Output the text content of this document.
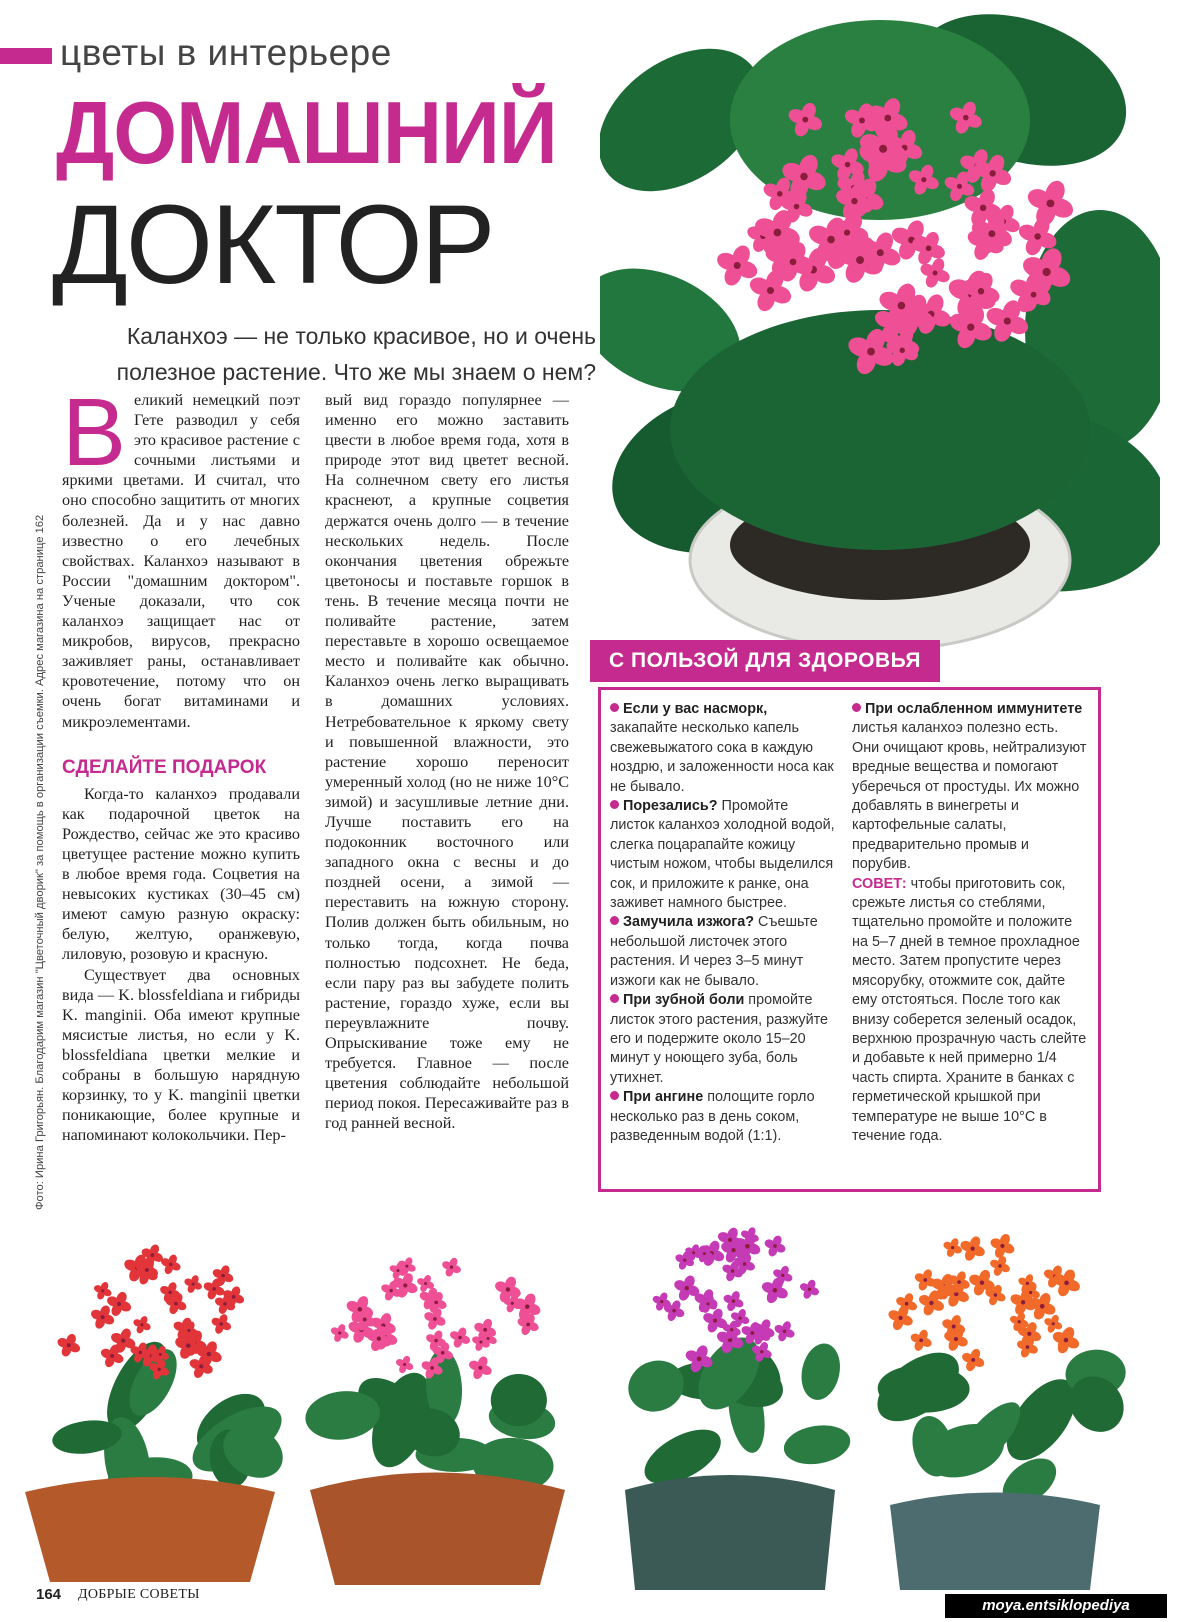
цветы в интерьере
ДОМАШНИЙ
ДОКТОР
Каланхоэ — не только красивое, но и очень полезное растение. Что же мы знаем о нем?
Фото: Ирина Григорьян. Благодарим магазин "Цветочный дворик" за помощь в организации съемки. Адрес магазина на странице 162
В еликий немецкий поэт Гете разводил у себя это красивое растение с сочными листьями и яркими цветами. И считал, что оно способно защитить от многих болезней. Да и у нас давно известно о его лечебных свойствах. Каланхоэ называют в России "домашним доктором". Ученые доказали, что сок каланхоэ защищает нас от микробов, вирусов, прекрасно заживляет раны, останавливает кровотечение, потому что он очень богат витаминами и микроэлементами.

СДЕЛАЙТЕ ПОДАРОК

Когда-то каланхоэ продавали как подарочной цветок на Рождество, сейчас же это красиво цветущее растение можно купить в любое время года. Соцветия на невысоких кустиках (30–45 см) имеют самую разную окраску: белую, желтую, оранжевую, лиловую, розовую и красную.

Существует два основных вида — K. blossfeldiana и гибриды K. manginii. Оба имеют крупные мясистые листья, но если у K. blossfeldiana цветки мелкие и собраны в большую нарядную корзинку, то у K. manginii цветки поникающие, более крупные и напоминают колокольчики. Пер-

вый вид гораздо популярнее — именно его можно заставить цвести в любое время года, хотя в природе этот вид цветет весной. На солнечном свету его листья краснеют, а крупные соцветия держатся очень долго — в течение нескольких недель. После окончания цветения обрежьте цветоносы и поставьте горшок в тень. В течение месяца почти не поливайте растение, затем переставьте в хорошо освещаемое место и поливайте как обычно. Каланхоэ очень легко выращивать в домашних условиях. Нетребовательное к яркому свету и повышенной влажности, это растение хорошо переносит умеренный холод (но не ниже 10°С зимой) и засушливые летние дни. Лучше поставить его на подоконник восточного или западного окна с весны и до поздней осени, а зимой — переставить на южную сторону. Полив должен быть обильным, но только тогда, когда почва полностью подсохнет. Не беда, если пару раз вы забудете полить растение, гораздо хуже, если вы переувлажните почву. Опрыскивание тоже ему не требуется. Главное — после цветения соблюдайте небольшой период покоя. Пересаживайте раз в год ранней весной.

С ПОЛЬЗОЙ ДЛЯ ЗДОРОВЬЯ

Если у вас насморк, закапайте несколько капель свежевыжатого сока в каждую ноздрю, и заложенности носа как не бывало.

Порезались? Промойте листок каланхоэ холодной водой, слегка поцарапайте кожицу чистым ножом, чтобы выделился сок, и приложите к ранке, она заживет намного быстрее.

Замучила изжога? Съешьте небольшой листочек этого растения. И через 3–5 минут изжоги как не бывало.

При зубной боли промойте листок этого растения, разжуйте его и подержите около 15–20 минут у ноющего зуба, боль утихнет.

При ангине полощите горло несколько раз в день соком, разведенным водой (1:1).

При ослабленном иммунитете листья каланхоэ полезно есть. Они очищают кровь, нейтрализуют вредные вещества и помогают уберечься от простуды. Их можно добавлять в винегреты и картофельные салаты, предварительно промыв и порубив.

СОВЕТ: чтобы приготовить сок, срежьте листья со стеблями, тщательно промойте и положите на 5–7 дней в темное прохладное место. Затем пропустите через мясорубку, отожмите сок, дайте ему отстояться. После того как внизу соберется зеленый осадок, верхнюю прозрачную часть слейте и добавьте к ней примерно 1/4 часть спирта. Храните в банках с герметической крышкой при температуре не выше 10°С в течение года.

164 ДОБРЫЕ СОВЕТЫ
moya.entsiklopediya
